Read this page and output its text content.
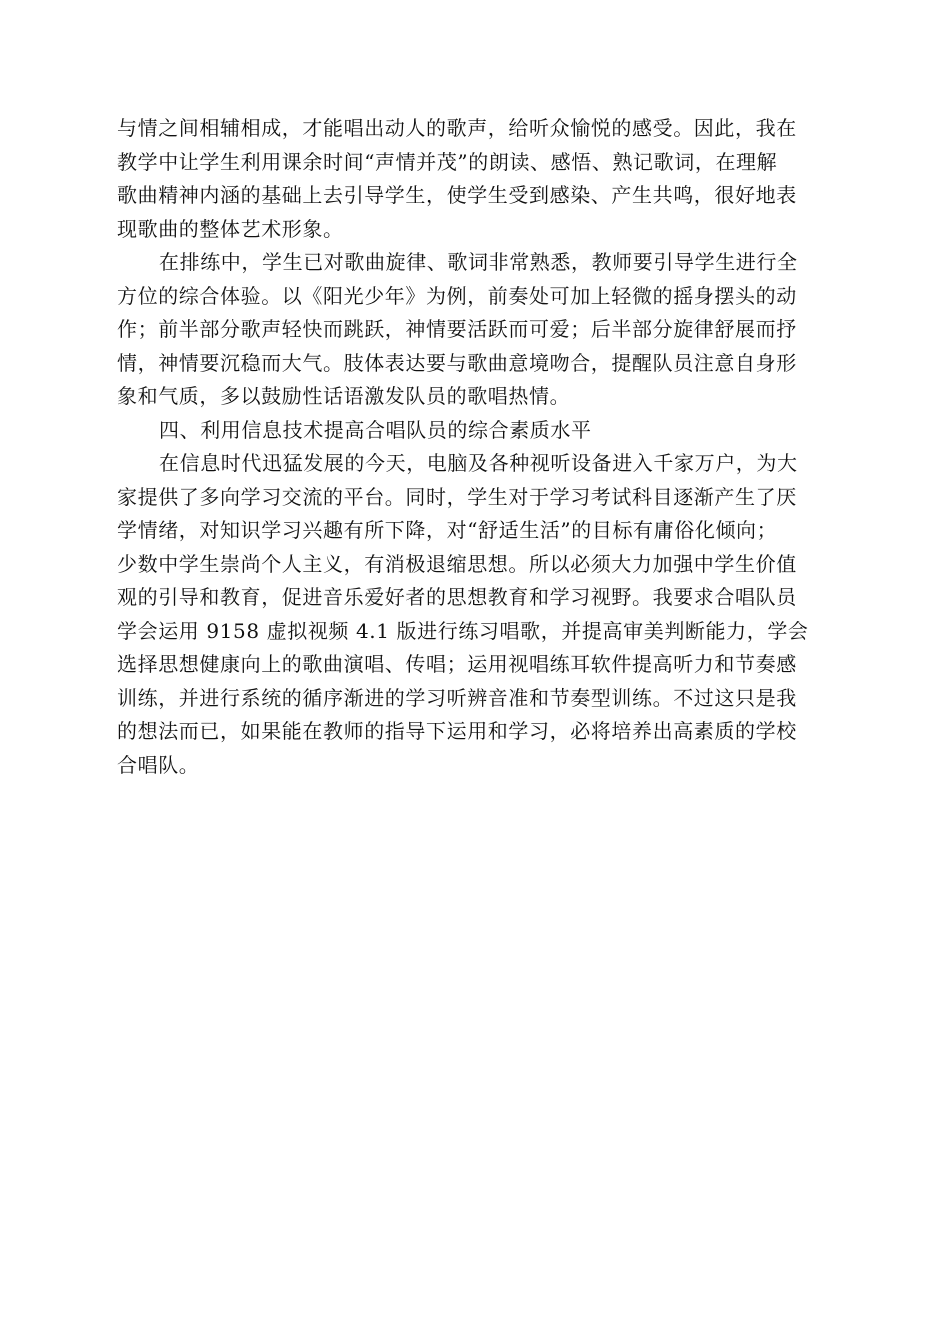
与情之间相辅相成，才能唱出动人的歌声，给听众愉悦的感受。因此，我在
教学中让学生利用课余时间“声情并茂”的朗读、感悟、熟记歌词，在理解
歌曲精神内涵的基础上去引导学生，使学生受到感染、产生共鸣，很好地表
现歌曲的整体艺术形象。
在排练中，学生已对歌曲旋律、歌词非常熟悉，教师要引导学生进行全
方位的综合体验。以《阳光少年》为例，前奏处可加上轻微的摇身摆头的动
作；前半部分歌声轻快而跳跃，神情要活跃而可爱；后半部分旋律舒展而抒
情，神情要沉稳而大气。肢体表达要与歌曲意境吻合，提醒队员注意自身形
象和气质，多以鼓励性话语激发队员的歌唱热情。
四、利用信息技术提高合唱队员的综合素质水平
在信息时代迅猛发展的今天，电脑及各种视听设备进入千家万户，为大
家提供了多向学习交流的平台。同时，学生对于学习考试科目逐渐产生了厌
学情绪，对知识学习兴趣有所下降，对“舒适生活”的目标有庸俗化倾向；
少数中学生崇尚个人主义，有消极退缩思想。所以必须大力加强中学生价值
观的引导和教育，促进音乐爱好者的思想教育和学习视野。我要求合唱队员
学会运用 9158 虚拟视频 4.1 版进行练习唱歌，并提高审美判断能力，学会
选择思想健康向上的歌曲演唱、传唱；运用视唱练耳软件提高听力和节奏感
训练，并进行系统的循序渐进的学习听辨音准和节奏型训练。不过这只是我
的想法而已，如果能在教师的指导下运用和学习，必将培养出高素质的学校
合唱队。
